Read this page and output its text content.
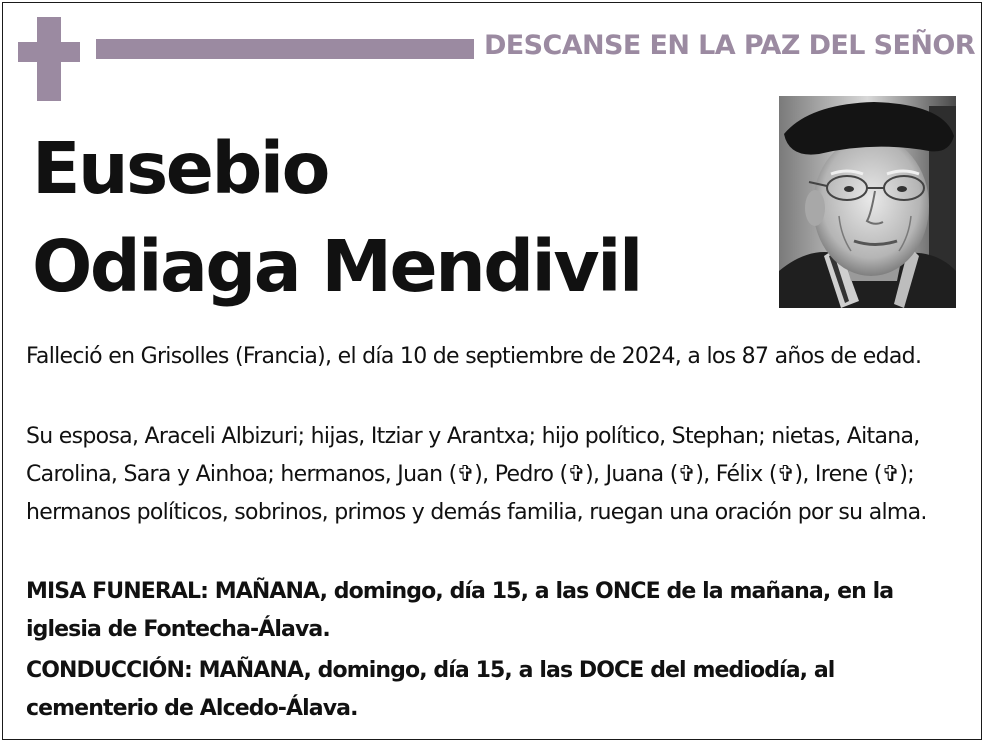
DESCANSE EN LA PAZ DEL SEÑOR
Eusebio
Odiaga Mendivil
Falleció en Grisolles (Francia), el día 10 de septiembre de 2024, a los 87 años de edad.
Su esposa, Araceli Albizuri; hijas, Itziar y Arantxa; hijo político, Stephan; nietas, Aitana, Carolina, Sara y Ainhoa; hermanos, Juan (✞), Pedro (✞), Juana (✞), Félix (✞), Irene (✞); hermanos políticos, sobrinos, primos y demás familia, ruegan una oración por su alma.
MISA FUNERAL: MAÑANA, domingo, día 15, a las ONCE de la mañana, en la iglesia de Fontecha-Álava.
CONDUCCIÓN: MAÑANA, domingo, día 15, a las DOCE del mediodía, al cementerio de Alcedo-Álava.
